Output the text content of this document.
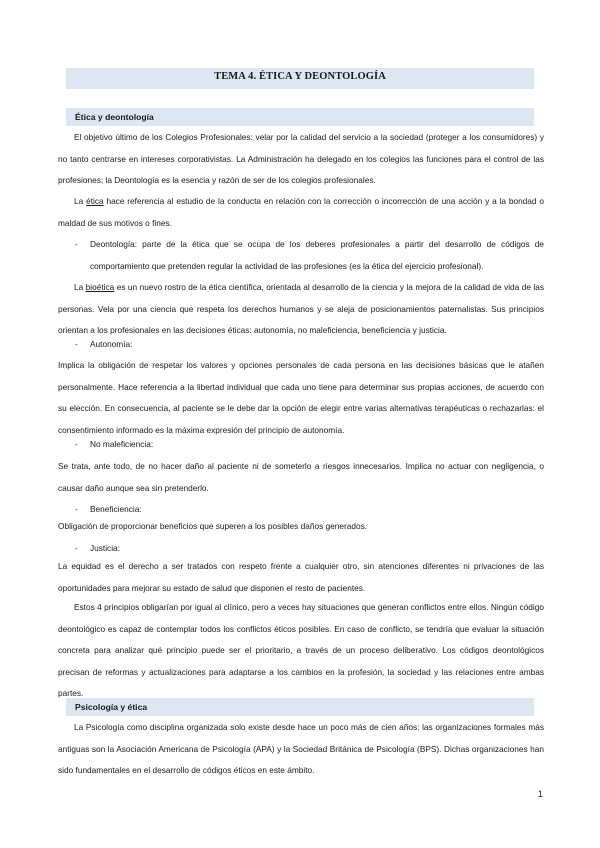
TEMA 4. ÉTICA Y DEONTOLOGÍA
Ética y deontología
El objetivo último de los Colegios Profesionales: velar por la calidad del servicio a la sociedad (proteger a los consumidores) y no tanto centrarse en intereses corporativistas. La Administración ha delegado en los colegios las funciones para el control de las profesiones; la Deontología es la esencia y razón de ser de los colegios profesionales.
La ética hace referencia al estudio de la conducta en relación con la corrección o incorrección de una acción y a la bondad o maldad de sus motivos o fines.
-	Deontología: parte de la ética que se ocupa de los deberes profesionales a partir del desarrollo de códigos de comportamiento que pretenden regular la actividad de las profesiones (es la ética del ejercicio profesional).
La bioética es un nuevo rostro de la ética científica, orientada al desarrollo de la ciencia y la mejora de la calidad de vida de las personas. Vela por una ciencia que respeta los derechos humanos y se aleja de posicionamientos paternalistas. Sus principios orientan a los profesionales en las decisiones éticas: autonomía, no maleficiencia, beneficiencia y justicia.
-	Autonomía:
Implica la obligación de respetar los valores y opciones personales de cada persona en las decisiones básicas que le atañen personalmente. Hace referencia a la libertad individual que cada uno tiene para determinar sus propias acciones, de acuerdo con su elección. En consecuencia, al paciente se le debe dar la opción de elegir entre varias alternativas terapéuticas o rechazarlas: el consentimiento informado es la máxima expresión del principio de autonomía.
-	No maleficiencia:
Se trata, ante todo, de no hacer daño al paciente ni de someterlo a riesgos innecesarios. Implica no actuar con negligencia, o causar daño aunque sea sin pretenderlo.
-	Beneficiencia:
Obligación de proporcionar beneficios que superen a los posibles daños generados.
-	Justicia:
La equidad es el derecho a ser tratados con respeto frente a cualquier otro, sin atenciones diferentes ni privaciones de las oportunidades para mejorar su estado de salud que disponen el resto de pacientes.
Estos 4 principios obligarían por igual al clínico, pero a veces hay situaciones que generan conflictos entre ellos. Ningún código deontológico es capaz de contemplar todos los conflictos éticos posibles. En caso de conflicto, se tendría que evaluar la situación concreta para analizar qué principio puede ser el prioritario, a través de un proceso deliberativo. Los códigos deontológicos precisan de reformas y actualizaciones para adaptarse a los cambios en la profesión, la sociedad y las relaciones entre ambas partes.
Psicología y ética
La Psicología como disciplina organizada solo existe desde hace un poco más de cien años: las organizaciones formales más antiguas son la Asociación Americana de Psicología (APA) y la Sociedad Británica de Psicología (BPS). Dichas organizaciones han sido fundamentales en el desarrollo de códigos éticos en este ámbito.
1
